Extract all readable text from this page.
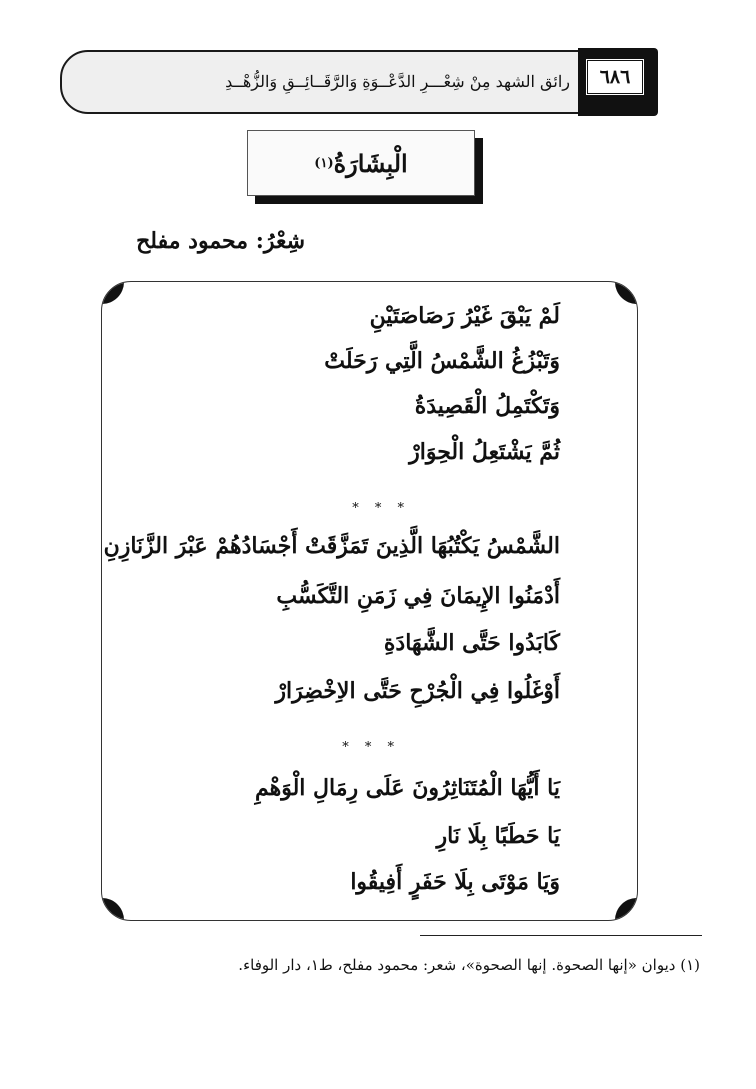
رائق الشهد مِنْ شِعْـــرِ الدَّعْــوَةِ وَالرَّقَــائِــقِ وَالزُّهْــدِ	٦٨٦
الْبِشَارَةُ
(١)
شِعْرُ: محمود مفلح
لَمْ يَبْقَ غَيْرُ رَصَاصَتَيْنِ
وَتَبْزُغُ الشَّمْسُ الَّتِي رَحَلَتْ
وَتَكْتَمِلُ الْقَصِيدَةُ
ثُمَّ يَشْتَعِلُ الْحِوَارْ
* * *
الشَّمْسُ يَكْتُبُهَا الَّذِينَ تَمَزَّقَتْ أَجْسَادُهُمْ عَبْرَ الزَّنَازِنِ
أَدْمَنُوا الإِيمَانَ فِي زَمَنِ التَّكَسُّبِ
كَابَدُوا حَتَّى الشَّهَادَةِ
أَوْغَلُوا فِي الْجُرْحِ حَتَّى الاِخْضِرَارْ
* * *
يَا أَيُّهَا الْمُتَنَاثِرُونَ عَلَى رِمَالِ الْوَهْمِ
يَا حَطَبًا بِلَا نَارِ
وَيَا مَوْتَى بِلَا حَفَرٍ أَفِيقُوا
(١) ديوان «إنها الصحوة. إنها الصحوة»، شعر: محمود مفلح، ط١، دار الوفاء.
